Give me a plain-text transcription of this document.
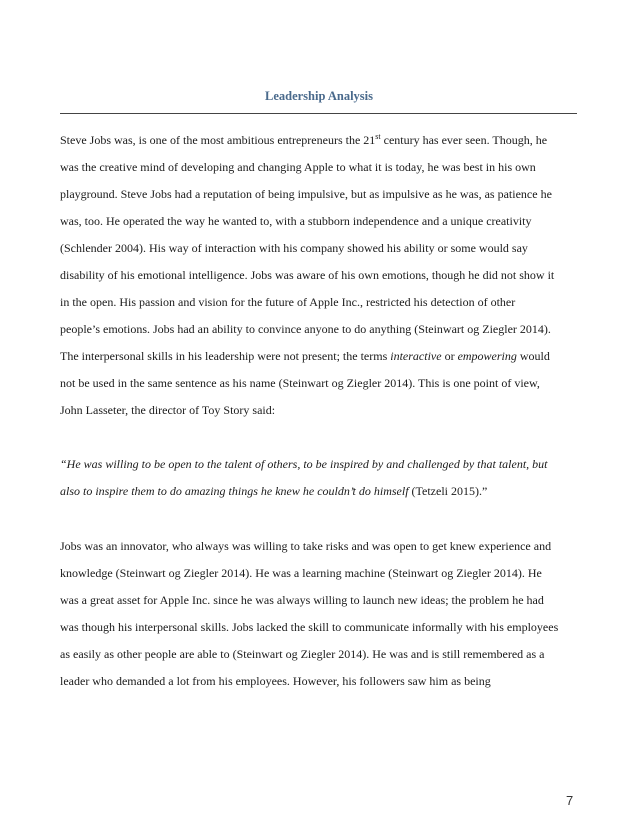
Leadership Analysis
Steve Jobs was, is one of the most ambitious entrepreneurs the 21st century has ever seen. Though, he
was the creative mind of developing and changing Apple to what it is today, he was best in his own
playground. Steve Jobs had a reputation of being impulsive, but as impulsive as he was, as patience he
was, too. He operated the way he wanted to, with a stubborn independence and a unique creativity
(Schlender 2004). His way of interaction with his company showed his ability or some would say
disability of his emotional intelligence. Jobs was aware of his own emotions, though he did not show it
in the open. His passion and vision for the future of Apple Inc., restricted his detection of other
people’s emotions. Jobs had an ability to convince anyone to do anything (Steinwart og Ziegler 2014).
The interpersonal skills in his leadership were not present; the terms interactive or empowering would
not be used in the same sentence as his name (Steinwart og Ziegler 2014). This is one point of view,
John Lasseter, the director of Toy Story said:
“He was willing to be open to the talent of others, to be inspired by and challenged by that talent, but
also to inspire them to do amazing things he knew he couldn’t do himself (Tetzeli 2015).”
Jobs was an innovator, who always was willing to take risks and was open to get knew experience and
knowledge (Steinwart og Ziegler 2014). He was a learning machine (Steinwart og Ziegler 2014). He
was a great asset for Apple Inc. since he was always willing to launch new ideas; the problem he had
was though his interpersonal skills. Jobs lacked the skill to communicate informally with his employees
as easily as other people are able to (Steinwart og Ziegler 2014). He was and is still remembered as a
leader who demanded a lot from his employees. However, his followers saw him as being
7
